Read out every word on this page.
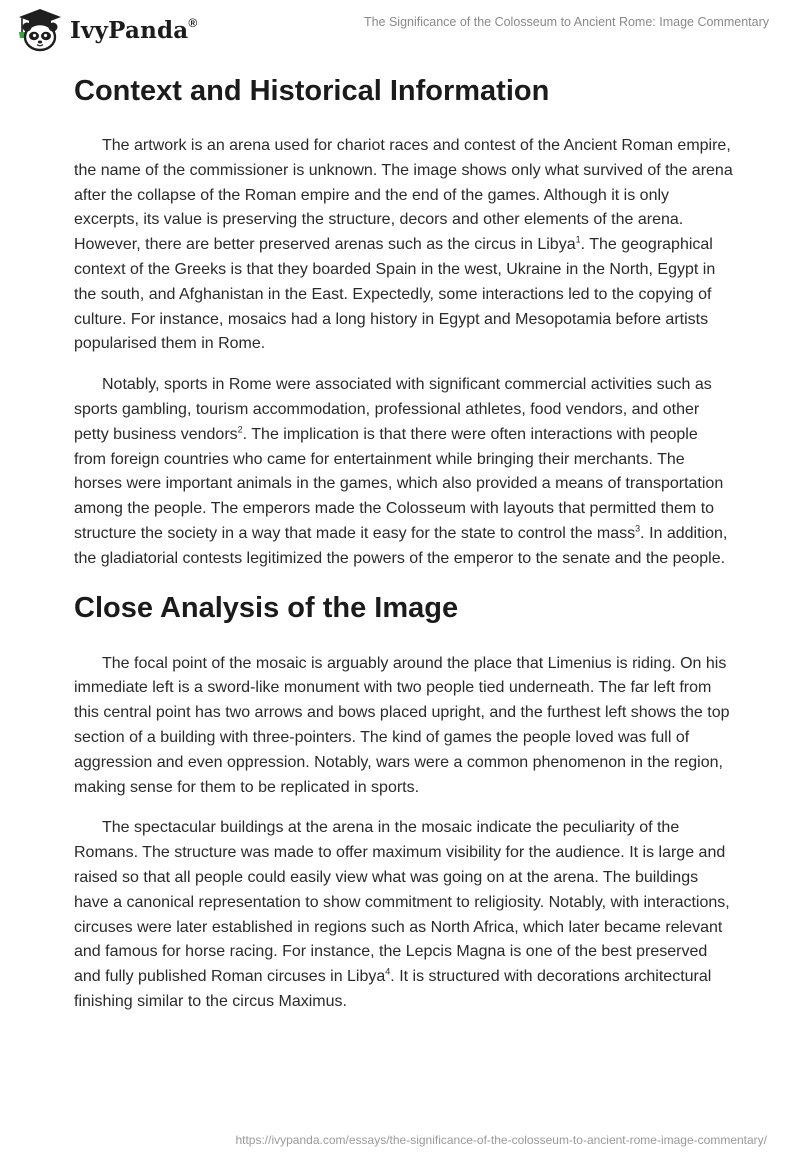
IvyPanda®	The Significance of the Colosseum to Ancient Rome: Image Commentary
Context and Historical Information

The artwork is an arena used for chariot races and contest of the Ancient Roman empire, the name of the commissioner is unknown. The image shows only what survived of the arena after the collapse of the Roman empire and the end of the games. Although it is only excerpts, its value is preserving the structure, decors and other elements of the arena. However, there are better preserved arenas such as the circus in Libya$^1$. The geographical context of the Greeks is that they boarded Spain in the west, Ukraine in the North, Egypt in the south, and Afghanistan in the East. Expectedly, some interactions led to the copying of culture. For instance, mosaics had a long history in Egypt and Mesopotamia before artists popularised them in Rome.

Notably, sports in Rome were associated with significant commercial activities such as sports gambling, tourism accommodation, professional athletes, food vendors, and other petty business vendors$^2$. The implication is that there were often interactions with people from foreign countries who came for entertainment while bringing their merchants. The horses were important animals in the games, which also provided a means of transportation among the people. The emperors made the Colosseum with layouts that permitted them to structure the society in a way that made it easy for the state to control the mass$^3$. In addition, the gladiatorial contests legitimized the powers of the emperor to the senate and the people.

Close Analysis of the Image

The focal point of the mosaic is arguably around the place that Limenius is riding. On his immediate left is a sword-like monument with two people tied underneath. The far left from this central point has two arrows and bows placed upright, and the furthest left shows the top section of a building with three-pointers. The kind of games the people loved was full of aggression and even oppression. Notably, wars were a common phenomenon in the region, making sense for them to be replicated in sports.

The spectacular buildings at the arena in the mosaic indicate the peculiarity of the Romans. The structure was made to offer maximum visibility for the audience. It is large and raised so that all people could easily view what was going on at the arena. The buildings have a canonical representation to show commitment to religiosity. Notably, with interactions, circuses were later established in regions such as North Africa, which later became relevant and famous for horse racing. For instance, the Lepcis Magna is one of the best preserved and fully published Roman circuses in Libya$^4$. It is structured with decorations architectural finishing similar to the circus Maximus.

https://ivypanda.com/essays/the-significance-of-the-colosseum-to-ancient-rome-image-commentary/
